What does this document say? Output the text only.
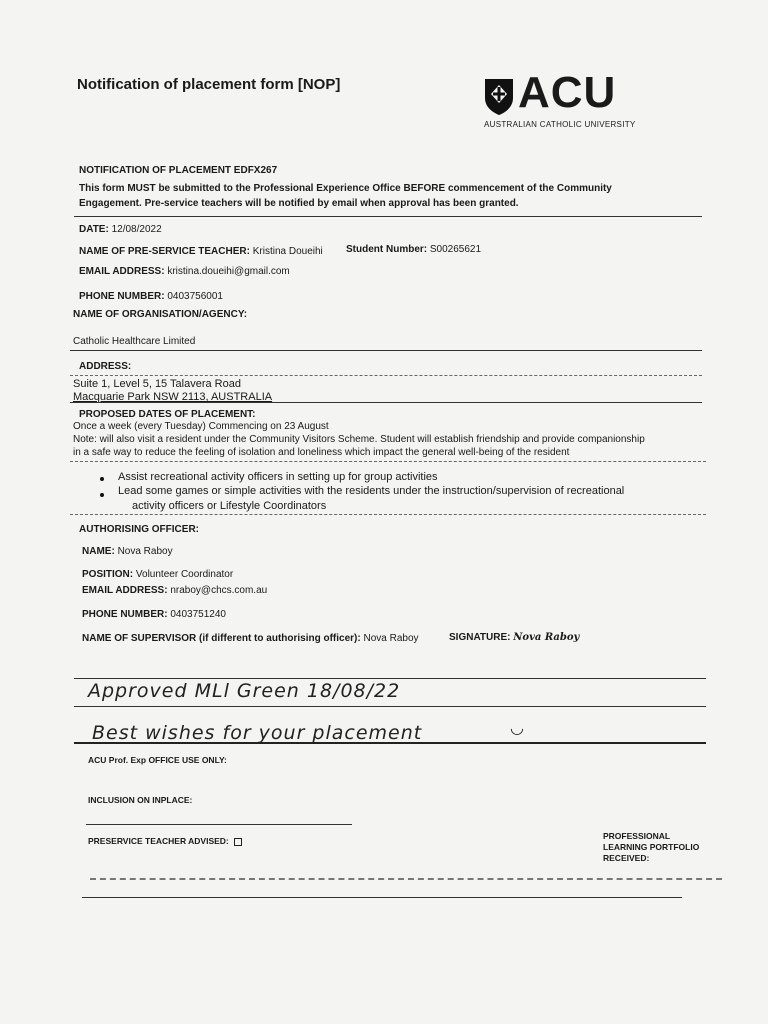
Notification of placement form [NOP]	ACU
AUSTRALIAN CATHOLIC UNIVERSITY
NOTIFICATION OF PLACEMENT EDFX267
This form MUST be submitted to the Professional Experience Office BEFORE commencement of the Community
Engagement. Pre-service teachers will be notified by email when approval has been granted.
DATE: 12/08/2022
NAME OF PRE-SERVICE TEACHER: Kristina Doueihi Student Number: S00265621
EMAIL ADDRESS: kristina.doueihi@gmail.com
PHONE NUMBER: 0403756001
NAME OF ORGANISATION/AGENCY:
Catholic Healthcare Limited
ADDRESS:
Suite 1, Level 5, 15 Talavera Road
Macquarie Park NSW 2113, AUSTRALIA
PROPOSED DATES OF PLACEMENT:
Once a week (every Tuesday) Commencing on 23 August
Note: will also visit a resident under the Community Visitors Scheme. Student will establish friendship and provide companionship
in a safe way to reduce the feeling of isolation and loneliness which impact the general well-being of the resident
Assist recreational activity officers in setting up for group activities
Lead some games or simple activities with the residents under the instruction/supervision of recreational
activity officers or Lifestyle Coordinators
AUTHORISING OFFICER:
NAME: Nova Raboy
POSITION: Volunteer Coordinator
EMAIL ADDRESS: nraboy@chcs.com.au
PHONE NUMBER: 0403751240
NAME OF SUPERVISOR (if different to authorising officer): Nova Raboy	SIGNATURE: Nova Raboy
Approved MLl Green 18/08/22
Best wishes for your placement	◡
ACU Prof. Exp OFFICE USE ONLY:
INCLUSION ON INPLACE:
PRESERVICE TEACHER ADVISED:	PROFESSIONAL
LEARNING PORTFOLIO
RECEIVED:
